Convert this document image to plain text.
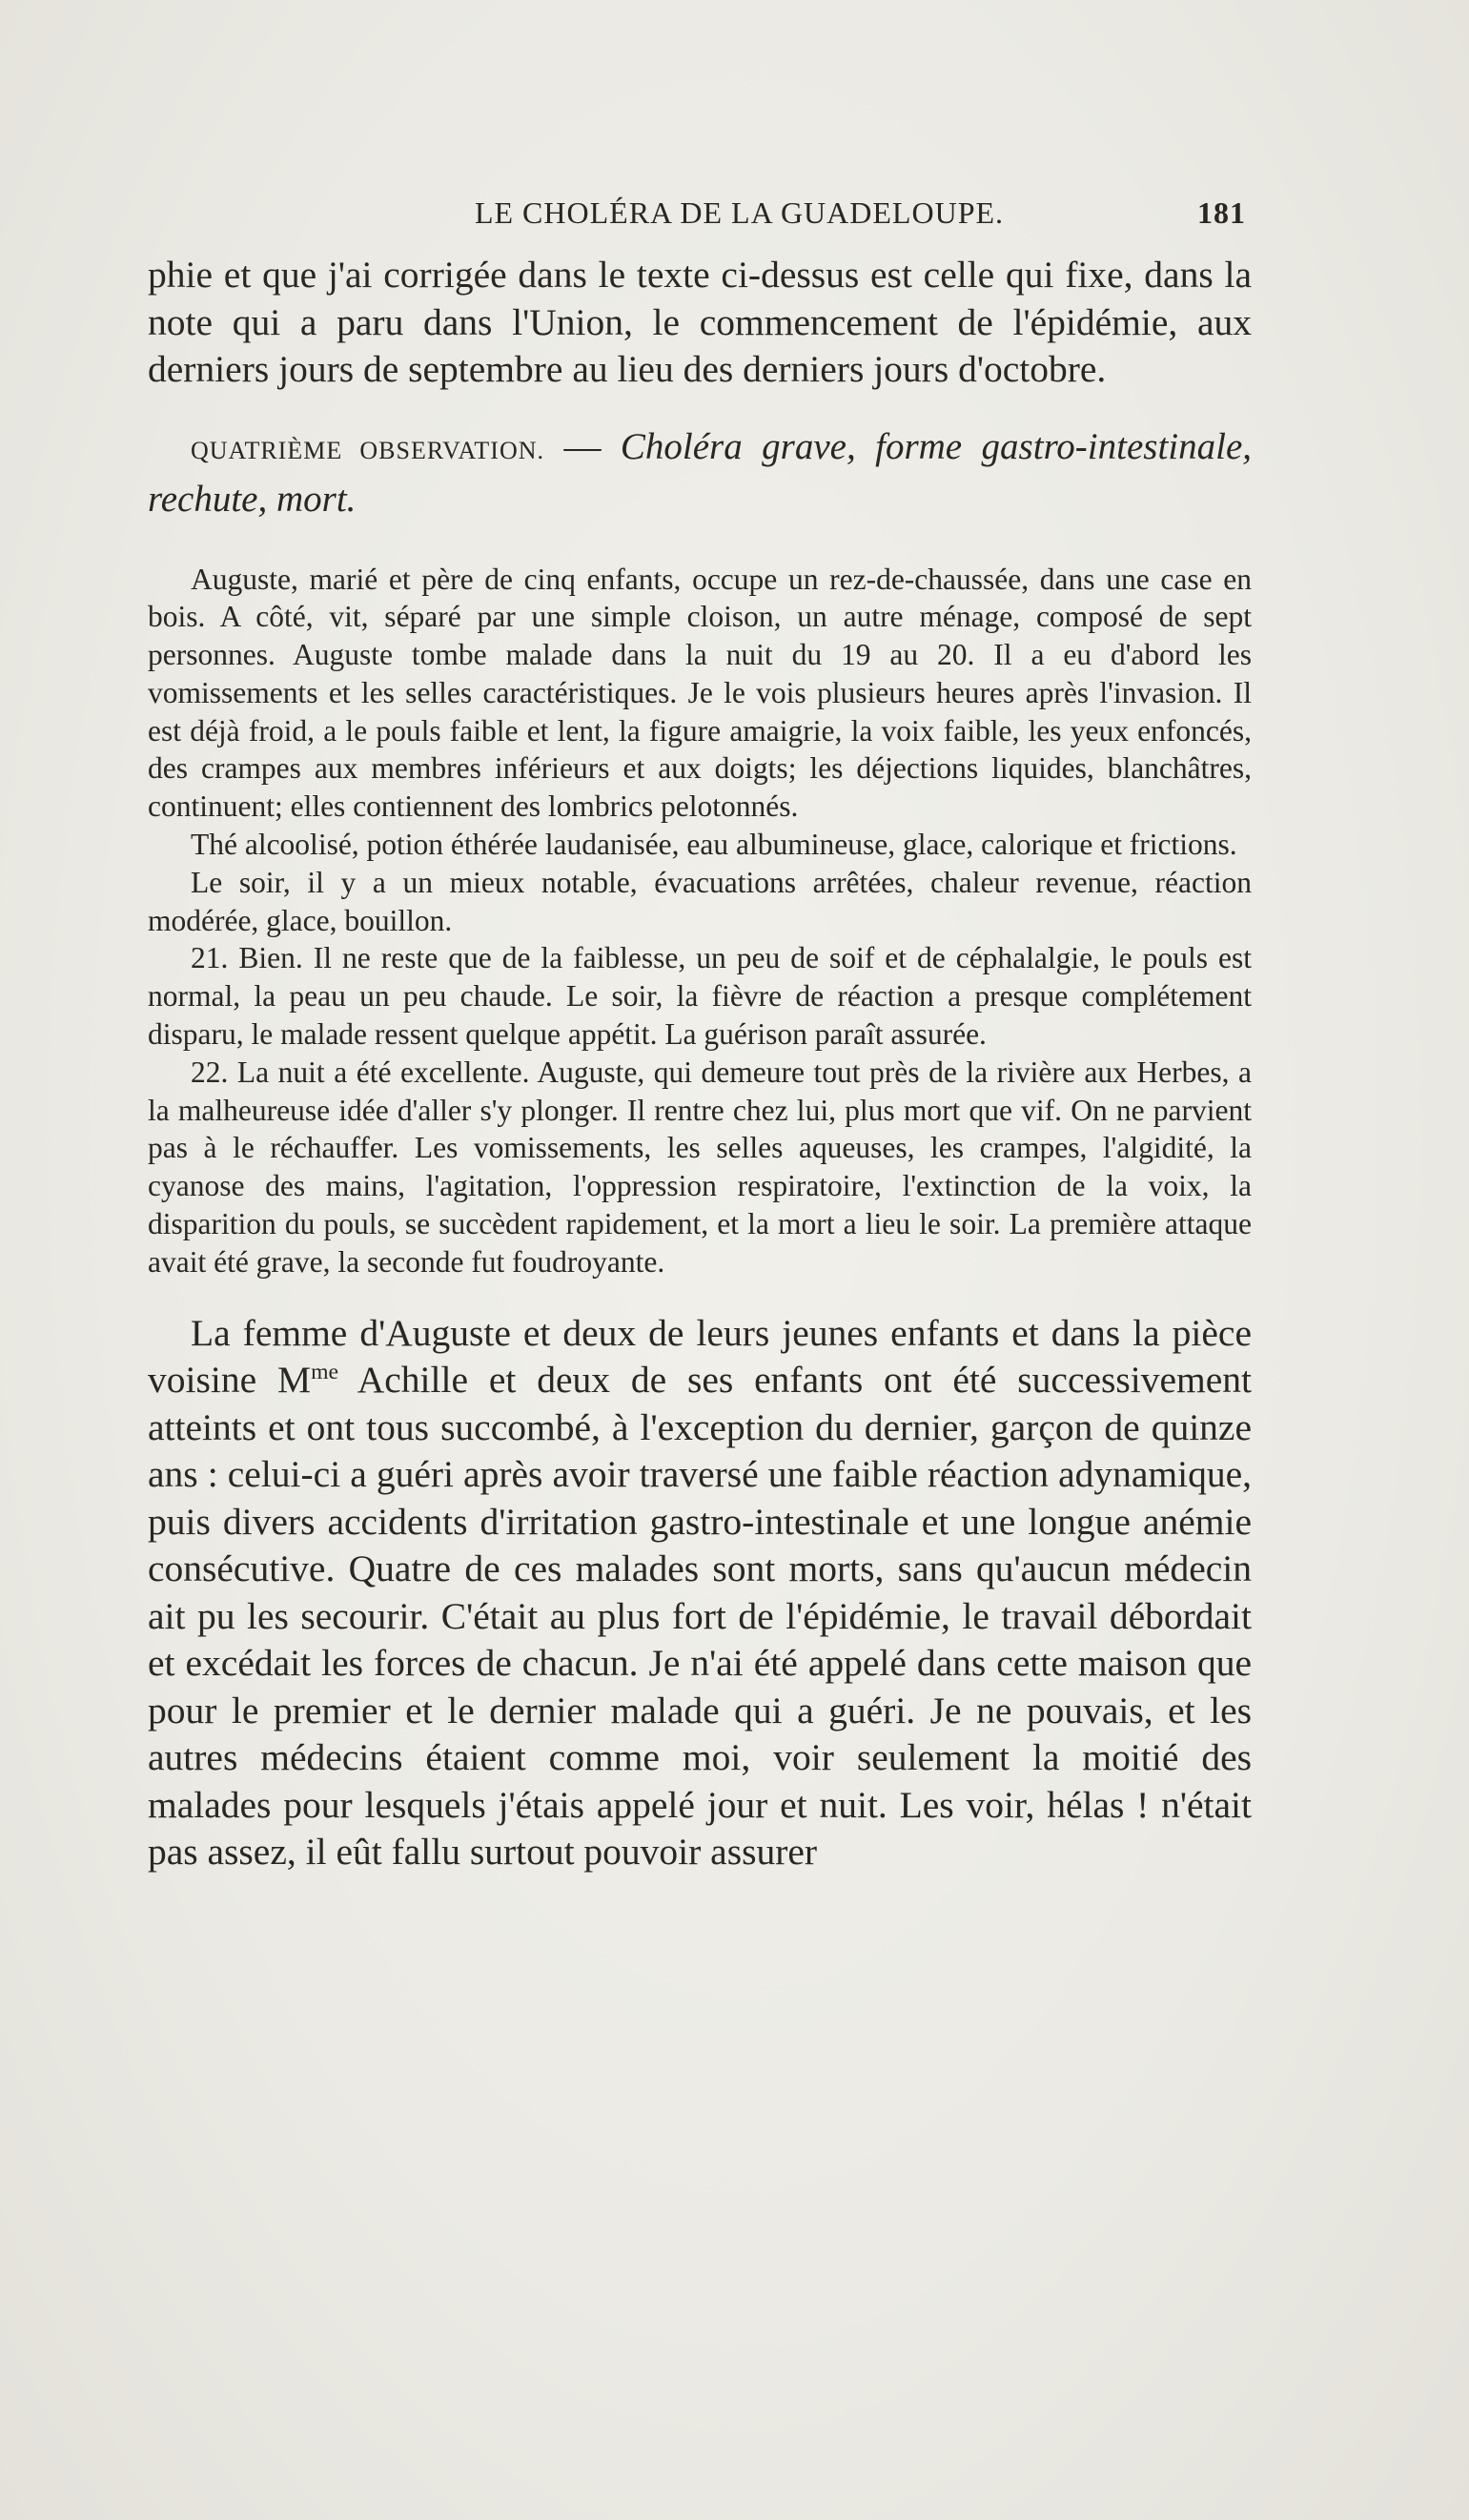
LE CHOLÉRA DE LA GUADELOUPE.	181

phie et que j'ai corrigée dans le texte ci-dessus est celle qui fixe, dans la note qui a paru dans l'Union, le commencement de l'épidémie, aux derniers jours de septembre au lieu des derniers jours d'octobre.

QUATRIÈME OBSERVATION. — Choléra grave, forme gastro-intestinale, rechute, mort.

Auguste, marié et père de cinq enfants, occupe un rez-de-chaussée, dans une case en bois. A côté, vit, séparé par une simple cloison, un autre ménage, composé de sept personnes. Auguste tombe malade dans la nuit du 19 au 20. Il a eu d'abord les vomissements et les selles caractéristiques. Je le vois plusieurs heures après l'invasion. Il est déjà froid, a le pouls faible et lent, la figure amaigrie, la voix faible, les yeux enfoncés, des crampes aux membres inférieurs et aux doigts; les déjections liquides, blanchâtres, continuent; elles contiennent des lombrics pelotonnés.

Thé alcoolisé, potion éthérée laudanisée, eau albumineuse, glace, calorique et frictions.

Le soir, il y a un mieux notable, évacuations arrêtées, chaleur revenue, réaction modérée, glace, bouillon.

21. Bien. Il ne reste que de la faiblesse, un peu de soif et de céphalalgie, le pouls est normal, la peau un peu chaude. Le soir, la fièvre de réaction a presque complétement disparu, le malade ressent quelque appétit. La guérison paraît assurée.

22. La nuit a été excellente. Auguste, qui demeure tout près de la rivière aux Herbes, a la malheureuse idée d'aller s'y plonger. Il rentre chez lui, plus mort que vif. On ne parvient pas à le réchauffer. Les vomissements, les selles aqueuses, les crampes, l'algidité, la cyanose des mains, l'agitation, l'oppression respiratoire, l'extinction de la voix, la disparition du pouls, se succèdent rapidement, et la mort a lieu le soir. La première attaque avait été grave, la seconde fut foudroyante.

La femme d'Auguste et deux de leurs jeunes enfants et dans la pièce voisine $M^{me}$ Achille et deux de ses enfants ont été successivement atteints et ont tous succombé, à l'exception du dernier, garçon de quinze ans : celui-ci a guéri après avoir traversé une faible réaction adynamique, puis divers accidents d'irritation gastro-intestinale et une longue anémie consécutive. Quatre de ces malades sont morts, sans qu'aucun médecin ait pu les secourir. C'était au plus fort de l'épidémie, le travail débordait et excédait les forces de chacun. Je n'ai été appelé dans cette maison que pour le premier et le dernier malade qui a guéri. Je ne pouvais, et les autres médecins étaient comme moi, voir seulement la moitié des malades pour lesquels j'étais appelé jour et nuit. Les voir, hélas ! n'était pas assez, il eût fallu surtout pouvoir assurer
